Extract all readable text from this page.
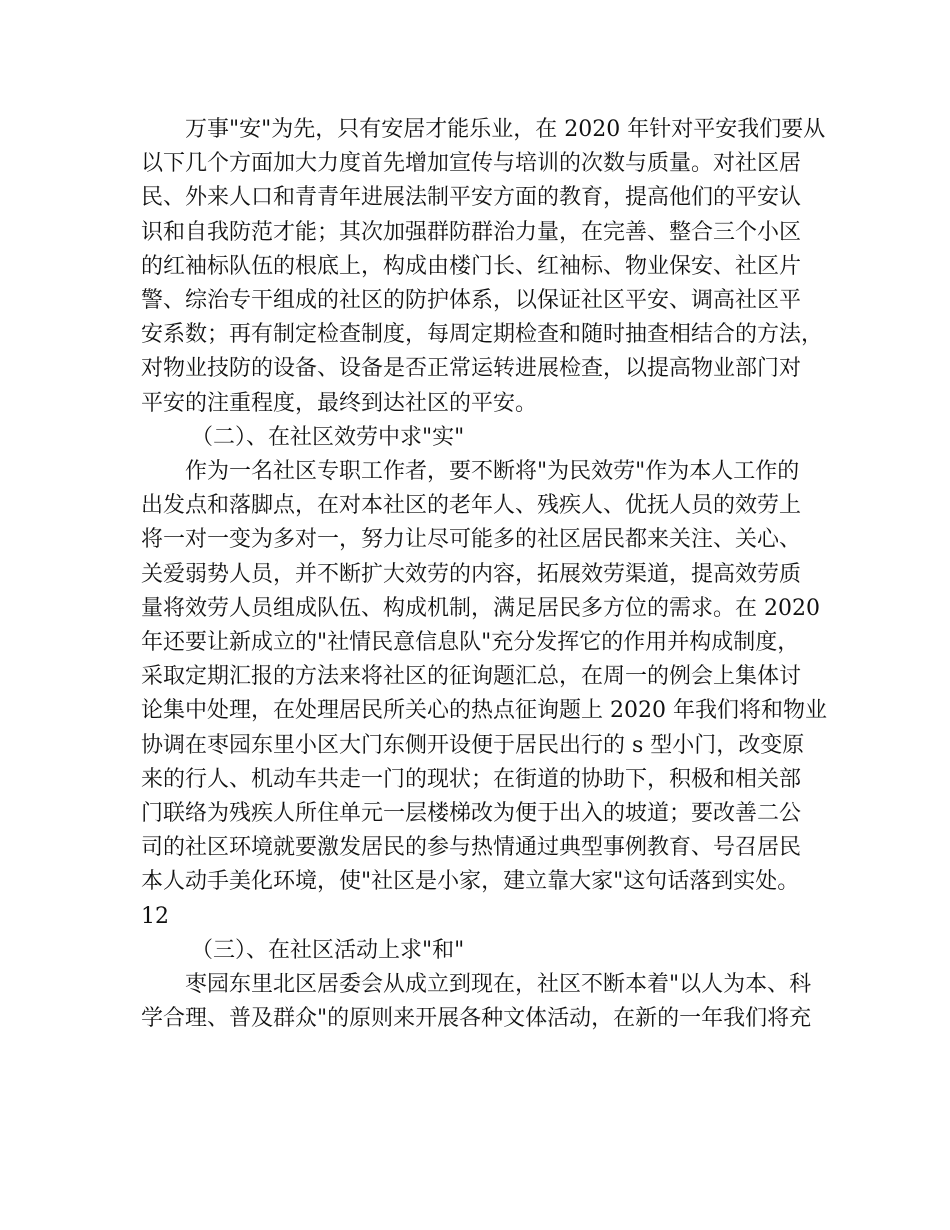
万事"安"为先，只有安居才能乐业，在 2020 年针对平安我们要从
以下几个方面加大力度首先增加宣传与培训的次数与质量。对社区居
民、外来人口和青青年进展法制平安方面的教育，提高他们的平安认
识和自我防范才能；其次加强群防群治力量，在完善、整合三个小区
的红袖标队伍的根底上，构成由楼门长、红袖标、物业保安、社区片
警、综治专干组成的社区的防护体系，以保证社区平安、调高社区平
安系数；再有制定检查制度，每周定期检查和随时抽查相结合的方法，
对物业技防的设备、设备是否正常运转进展检查，以提高物业部门对
平安的注重程度，最终到达社区的平安。
（二）、在社区效劳中求"实"
作为一名社区专职工作者，要不断将"为民效劳"作为本人工作的
出发点和落脚点，在对本社区的老年人、残疾人、优抚人员的效劳上
将一对一变为多对一，努力让尽可能多的社区居民都来关注、关心、
关爱弱势人员，并不断扩大效劳的内容，拓展效劳渠道，提高效劳质
量将效劳人员组成队伍、构成机制，满足居民多方位的需求。在 2020
年还要让新成立的"社情民意信息队"充分发挥它的作用并构成制度，
采取定期汇报的方法来将社区的征询题汇总，在周一的例会上集体讨
论集中处理，在处理居民所关心的热点征询题上 2020 年我们将和物业
协调在枣园东里小区大门东侧开设便于居民出行的 s 型小门，改变原
来的行人、机动车共走一门的现状；在街道的协助下，积极和相关部
门联络为残疾人所住单元一层楼梯改为便于出入的坡道；要改善二公
司的社区环境就要激发居民的参与热情通过典型事例教育、号召居民
本人动手美化环境，使"社区是小家，建立靠大家"这句话落到实处。
12
（三）、在社区活动上求"和"
枣园东里北区居委会从成立到现在，社区不断本着"以人为本、科
学合理、普及群众"的原则来开展各种文体活动，在新的一年我们将充
